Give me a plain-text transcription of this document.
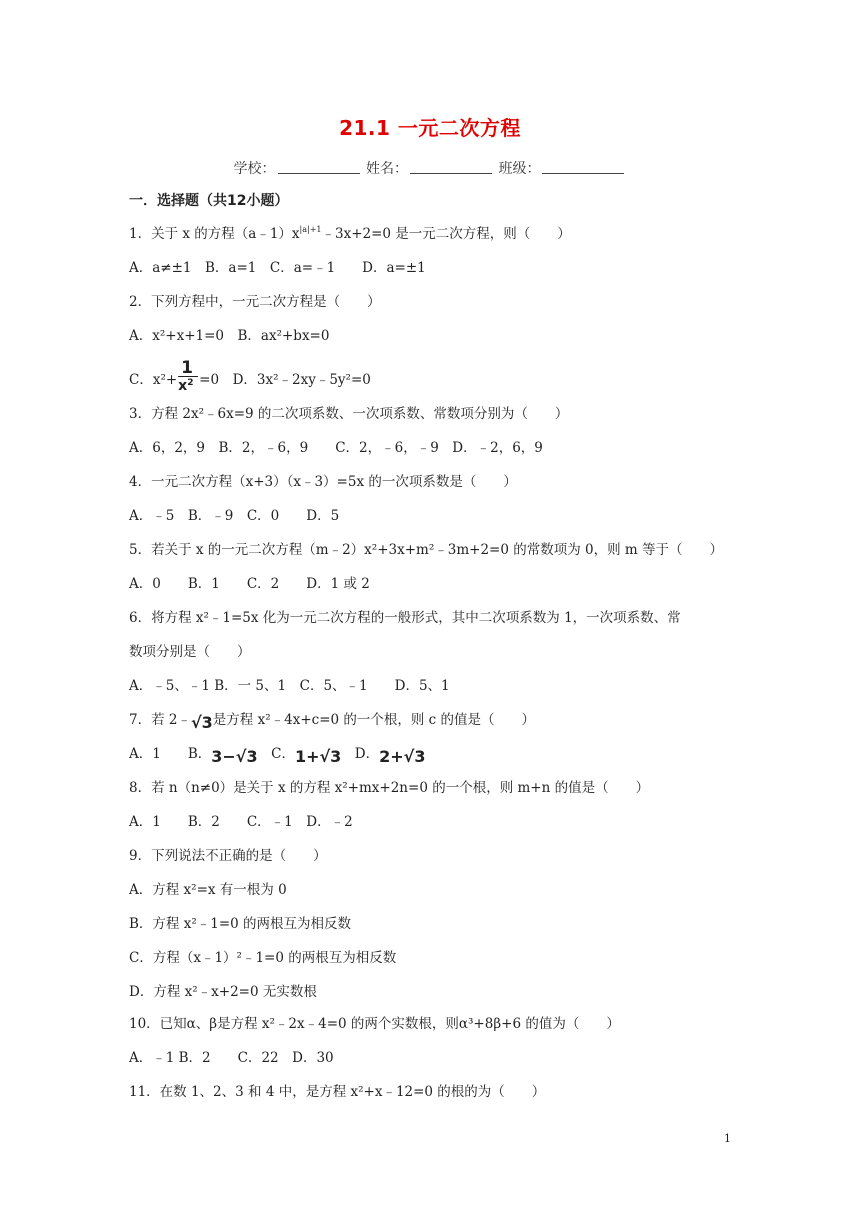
21.1 一元二次方程
学校：	姓名：	班级：
一．选择题（共12小题）
1．关于 x 的方程$(a﹣1)x^{|a|+1}﹣3x+2=0$ 是一元二次方程，则（　　）
A．a≠±1　B．a=1　C．a=﹣1　　D．a=±1
2．下列方程中，一元二次方程是（　　）
A．x²+x+1=0　B．ax²+bx=0
C．$x^2+ \frac{1}{x^2} =0$　D．3x²﹣2xy﹣5y²=0
3．方程 2x²﹣6x=9 的二次项系数、一次项系数、常数项分别为（　　）
A．6，2，9　B．2，﹣6，9　　C．2，﹣6，﹣9　D．﹣2，6，9
4．一元二次方程（x+3）（x﹣3）=5x 的一次项系数是（　　）
A．﹣5　B．﹣9　C．0　　D．5
5．若关于 x 的一元二次方程（m﹣2）x²+3x+m²﹣3m+2=0 的常数项为 0，则 m 等于（　　）
A．0　　B．1　　C．2　　D．1 或 2
6．将方程 x²﹣1=5x 化为一元二次方程的一般形式，其中二次项系数为 1，一次项系数、常
数项分别是（　　）
A．﹣5、﹣1 B．一 5、1　C．5、﹣1　　D．5、1
7．若 2﹣√3是方程 x²﹣4x+c=0 的一个根，则 c 的值是（　　）
A．1　　B．3−√3　C．1+√3　D．2+√3
8．若 n（n≠0）是关于 x 的方程 x²+mx+2n=0 的一个根，则 m+n 的值是（　　）
A．1　　B．2　　C．﹣1　D．﹣2
9．下列说法不正确的是（　　）
A．方程 x²=x 有一根为 0
B．方程 x²﹣1=0 的两根互为相反数
C．方程（x﹣1）²﹣1=0 的两根互为相反数
D．方程 x²﹣x+2=0 无实数根
10．已知α、β是方程 x²﹣2x﹣4=0 的两个实数根，则α³+8β+6 的值为（　　）
A．﹣1 B．2　　C．22　D．30
11．在数 1、2、3 和 4 中，是方程 x²+x﹣12=0 的根的为（　　）
1
